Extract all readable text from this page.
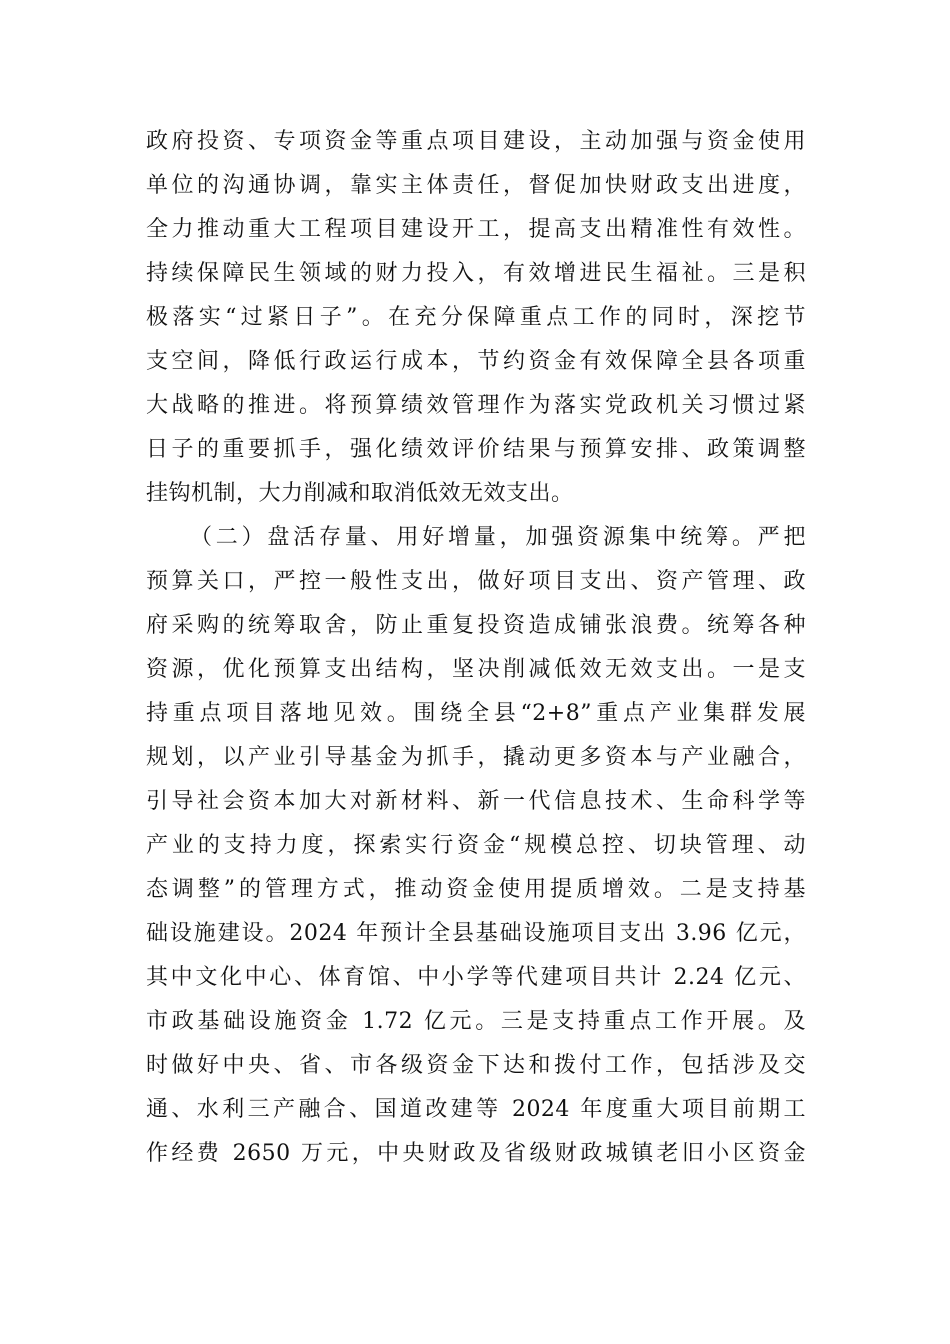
政府投资、专项资金等重点项目建设，主动加强与资金使用
单位的沟通协调，靠实主体责任，督促加快财政支出进度，
全力推动重大工程项目建设开工，提高支出精准性有效性。
持续保障民生领域的财力投入，有效增进民生福祉。三是积
极落实“过紧日子”。在充分保障重点工作的同时，深挖节
支空间，降低行政运行成本，节约资金有效保障全县各项重
大战略的推进。将预算绩效管理作为落实党政机关习惯过紧
日子的重要抓手，强化绩效评价结果与预算安排、政策调整
挂钩机制，大力削减和取消低效无效支出。
（二）盘活存量、用好增量，加强资源集中统筹。严把
预算关口，严控一般性支出，做好项目支出、资产管理、政
府采购的统筹取舍，防止重复投资造成铺张浪费。统筹各种
资源，优化预算支出结构，坚决削减低效无效支出。一是支
持重点项目落地见效。围绕全县“2+8”重点产业集群发展
规划，以产业引导基金为抓手，撬动更多资本与产业融合，
引导社会资本加大对新材料、新一代信息技术、生命科学等
产业的支持力度，探索实行资金“规模总控、切块管理、动
态调整”的管理方式，推动资金使用提质增效。二是支持基
础设施建设。2024 年预计全县基础设施项目支出 3.96 亿元，
其中文化中心、体育馆、中小学等代建项目共计 2.24 亿元、
市政基础设施资金 1.72 亿元。三是支持重点工作开展。及
时做好中央、省、市各级资金下达和拨付工作，包括涉及交
通、水利三产融合、国道改建等 2024 年度重大项目前期工
作经费 2650 万元，中央财政及省级财政城镇老旧小区资金
